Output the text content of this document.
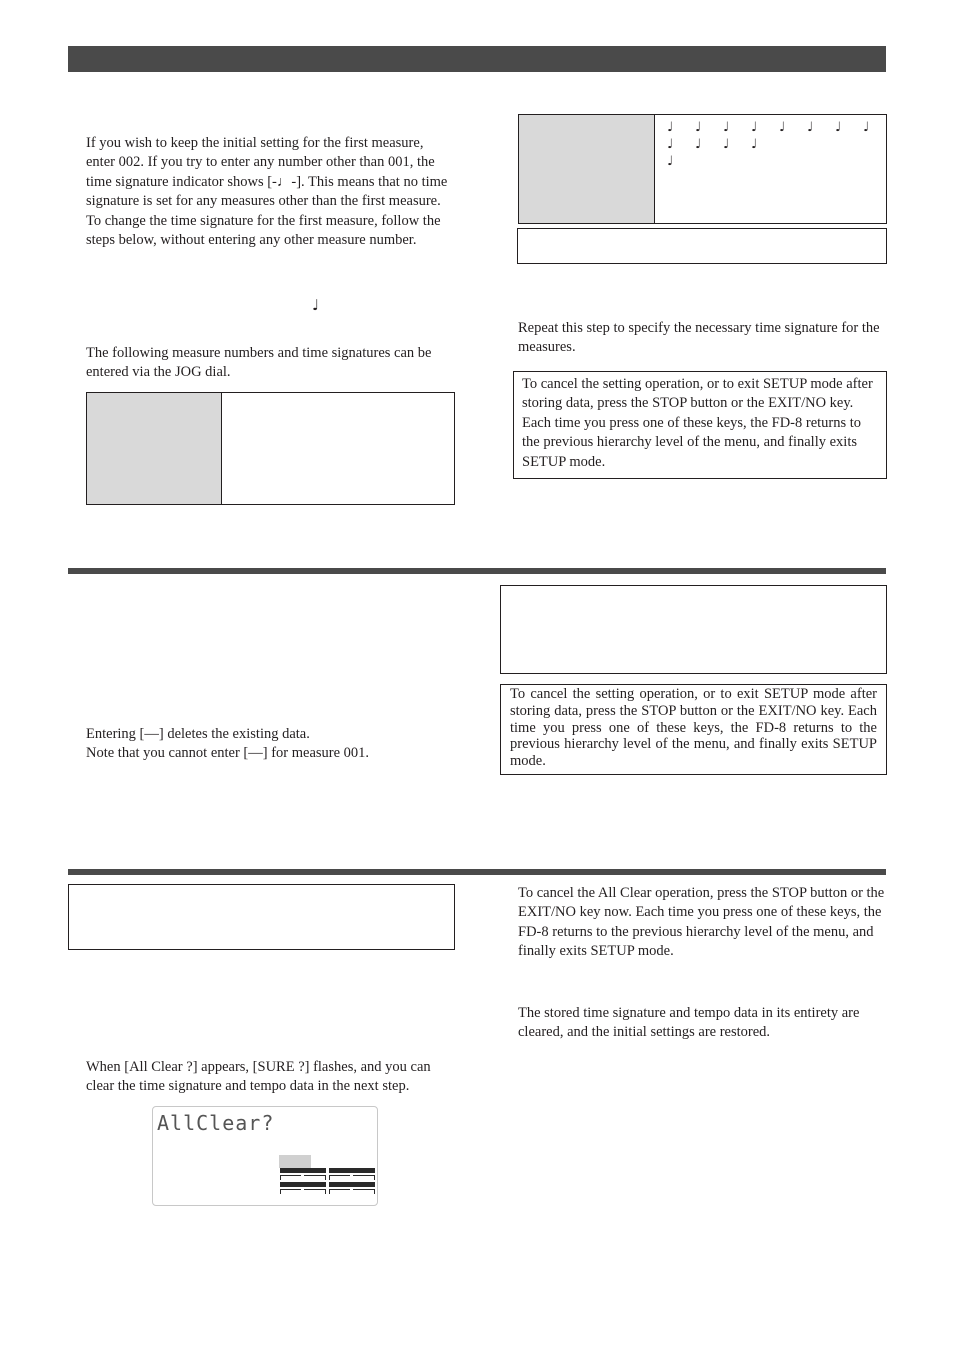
If you wish to keep the initial setting for the first measure, enter 002. If you try to enter any number other than 001, the time signature indicator shows [-♩-]. This means that no time signature is set for any measures other than the first measure. To change the time signature for the first measure, follow the steps below, without entering any other measure number.

♩

The following measure numbers and time signatures can be entered via the JOG dial.

♩ ♩ ♩ ♩ ♩ ♩ ♩ ♩
♩ ♩ ♩ ♩
♩

Repeat this step to specify the necessary time signature for the measures.

To cancel the setting operation, or to exit SETUP mode after storing data, press the STOP button or the EXIT/NO key. Each time you press one of these keys, the FD-8 returns to the previous hierarchy level of the menu, and finally exits SETUP mode.
To cancel the setting operation, or to exit SETUP mode after storing data, press the STOP button or the EXIT/NO key. Each time you press one of these keys, the FD-8 returns to the previous hierarchy level of the menu, and finally exits SETUP mode.

Entering [—] deletes the existing data.

Note that you cannot enter [—] for measure 001.

To cancel the All Clear operation, press the STOP button or the EXIT/NO key now. Each time you press one of these keys, the FD-8 returns to the previous hierarchy level of the menu, and finally exits SETUP mode.

The stored time signature and tempo data in its entirety are cleared, and the initial settings are restored.

When [All Clear ?] appears, [SURE ?] flashes, and you can clear the time signature and tempo data in the next step.

AllClear?
